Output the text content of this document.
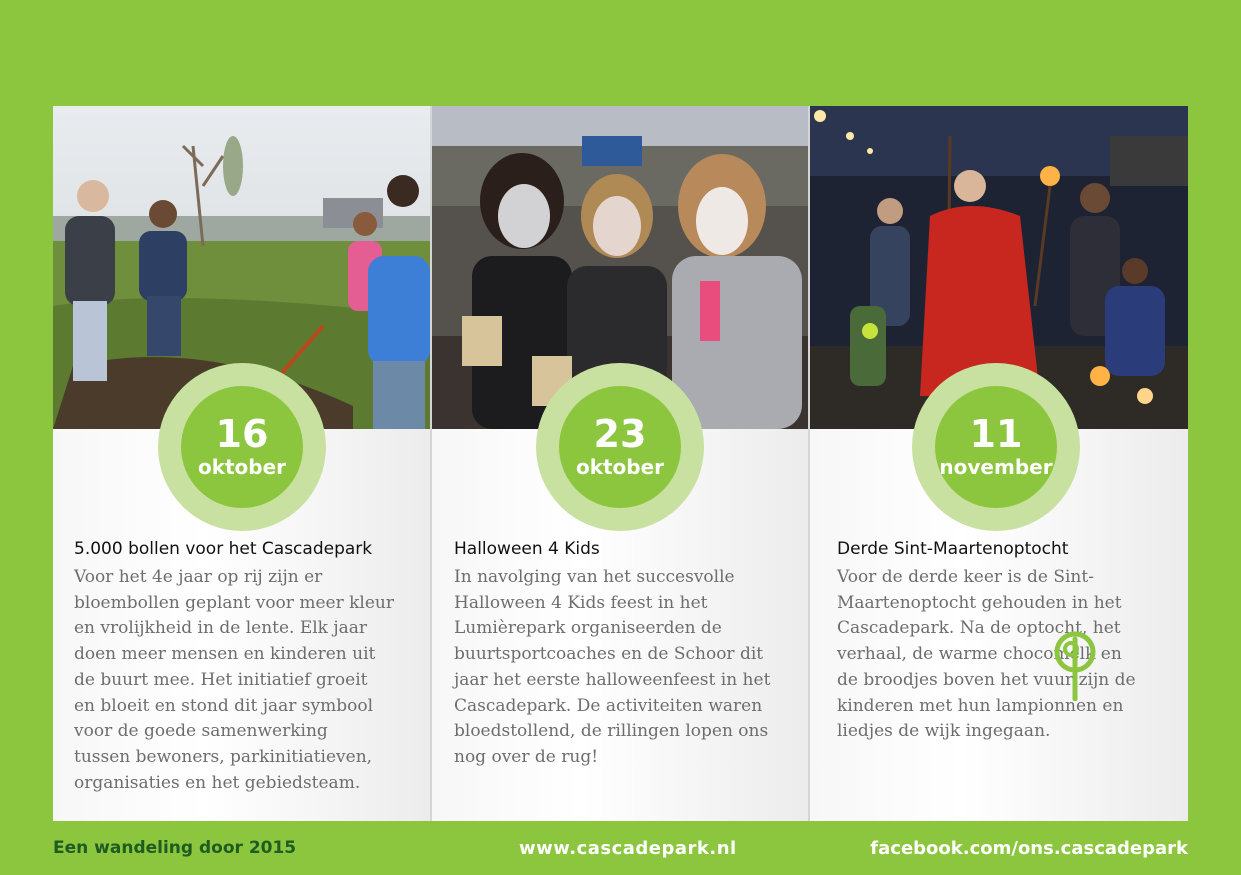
16
oktober
5.000 bollen voor het Cascadepark
Voor het 4e jaar op rij zijn er
bloembollen geplant voor meer kleur
en vrolijkheid in de lente. Elk jaar
doen meer mensen en kinderen uit
de buurt mee. Het initiatief groeit
en bloeit en stond dit jaar symbool
voor de goede samenwerking
tussen bewoners, parkinitiatieven,
organisaties en het gebiedsteam.
23
oktober
Halloween 4 Kids
In navolging van het succesvolle
Halloween 4 Kids feest in het
Lumièrepark organiseerden de
buurtsportcoaches en de Schoor dit
jaar het eerste halloweenfeest in het
Cascadepark. De activiteiten waren
bloedstollend, de rillingen lopen ons
nog over de rug!
11
november
Derde Sint-Maartenoptocht
Voor de derde keer is de Sint-
Maartenoptocht gehouden in het
Cascadepark. Na de optocht, het
verhaal, de warme chocomelk en
de broodjes boven het vuur zijn de
kinderen met hun lampionnen en
liedjes de wijk ingegaan.
Een wandeling door 2015	www.cascadepark.nl	facebook.com/ons.cascadepark
